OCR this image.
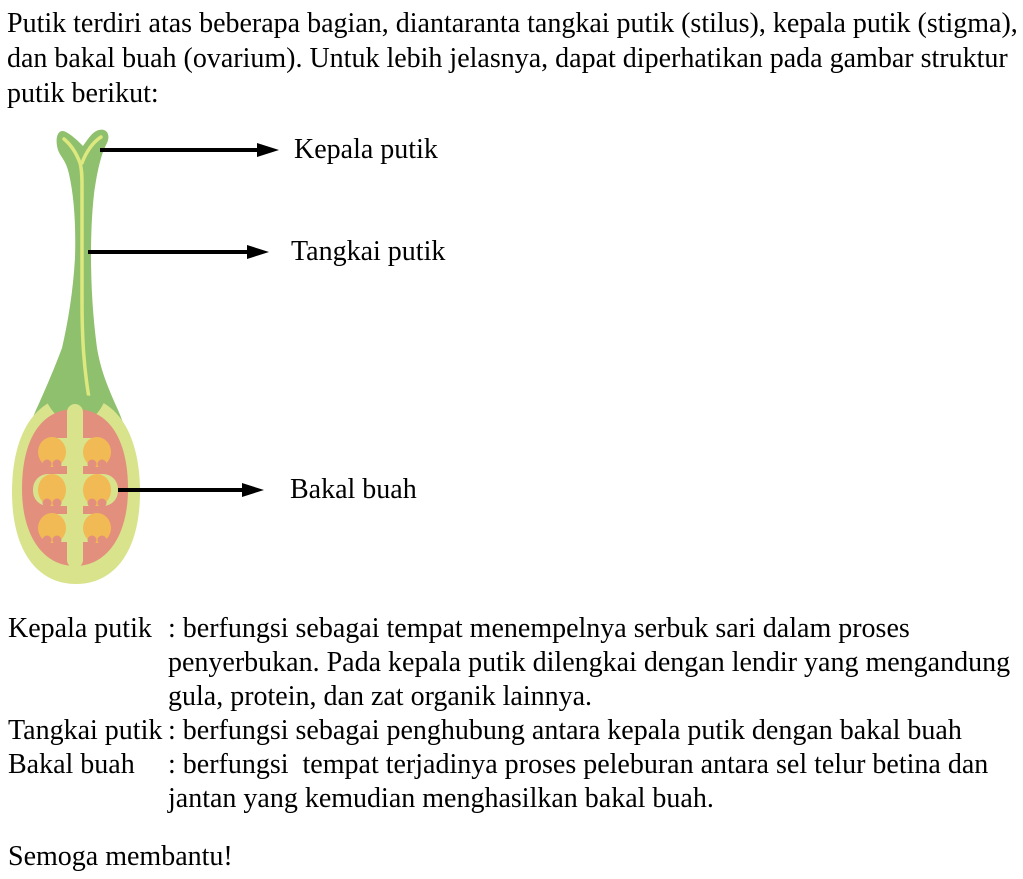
Putik terdiri atas beberapa bagian, diantaranta tangkai putik (stilus), kepala putik (stigma),
dan bakal buah (ovarium). Untuk lebih jelasnya, dapat diperhatikan pada gambar struktur
putik berikut:
Kepala putik
Tangkai putik
Bakal buah
Kepala putik : berfungsi sebagai tempat menempelnya serbuk sari dalam proses
penyerbukan. Pada kepala putik dilengkai dengan lendir yang mengandung
gula, protein, dan zat organik lainnya.
Tangkai putik : berfungsi sebagai penghubung antara kepala putik dengan bakal buah
Bakal buah	: berfungsi  tempat terjadinya proses peleburan antara sel telur betina dan
jantan yang kemudian menghasilkan bakal buah.
Semoga membantu!
